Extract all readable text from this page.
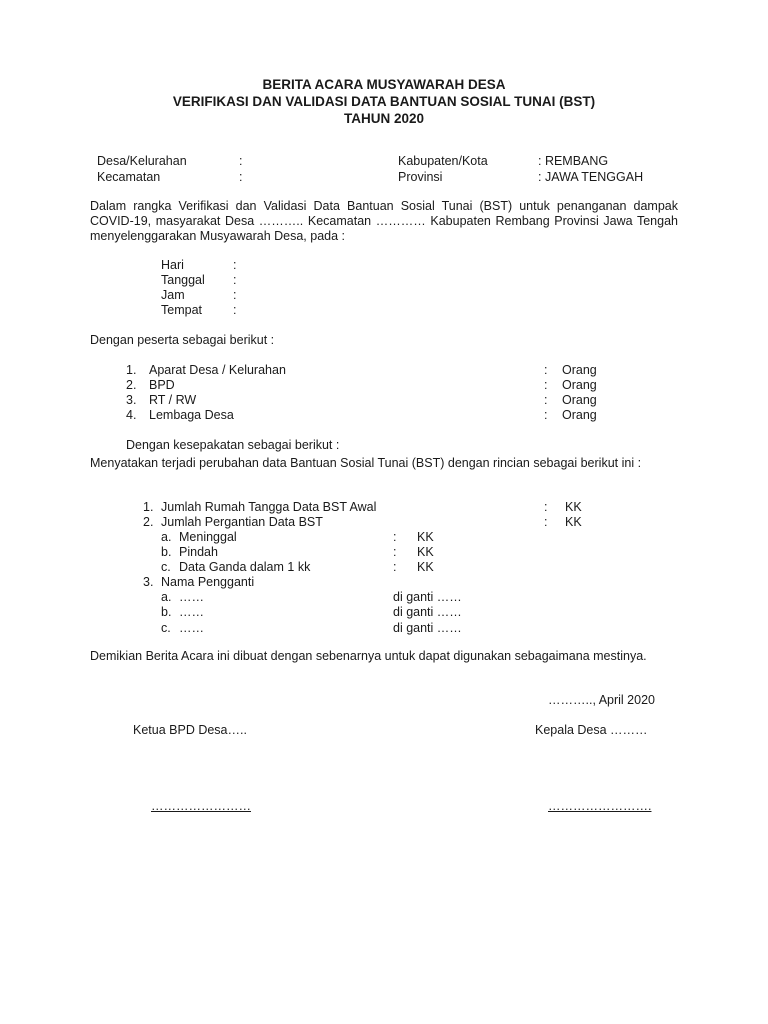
BERITA ACARA MUSYAWARAH DESA
VERIFIKASI DAN VALIDASI DATA BANTUAN SOSIAL TUNAI (BST)
TAHUN 2020
Desa/Kelurahan	:	Kabupaten/Kota	: REMBANG
Kecamatan	:	Provinsi	: JAWA TENGGAH
Dalam rangka Verifikasi dan Validasi Data Bantuan Sosial Tunai (BST) untuk penanganan dampak COVID-19, masyarakat Desa ……….. Kecamatan ………… Kabupaten Rembang Provinsi Jawa Tengah menyelenggarakan Musyawarah Desa, pada :
Hari	:
Tanggal :
Jam	:
Tempat :
Dengan peserta sebagai berikut :
1. Aparat Desa / Kelurahan	: Orang
2. BPD	: Orang
3. RT / RW	: Orang
4. Lembaga Desa	: Orang
Dengan kesepakatan sebagai berikut :
Menyatakan terjadi perubahan data Bantuan Sosial Tunai (BST) dengan rincian sebagai berikut ini :
1. Jumlah Rumah Tangga Data BST Awal	: KK
2. Jumlah Pergantian Data BST	: KK
a. Meninggal	: KK
b. Pindah	: KK
c. Data Ganda dalam 1 kk	: KK
3. Nama Pengganti
a. ……	di ganti ……
b. ……	di ganti ……
c. ……	di ganti ……
Demikian Berita Acara ini dibuat dengan sebenarnya untuk dapat digunakan sebagaimana mestinya.
……….., April 2020
Ketua BPD Desa…..	Kepala Desa ………
……………………	…………………….
